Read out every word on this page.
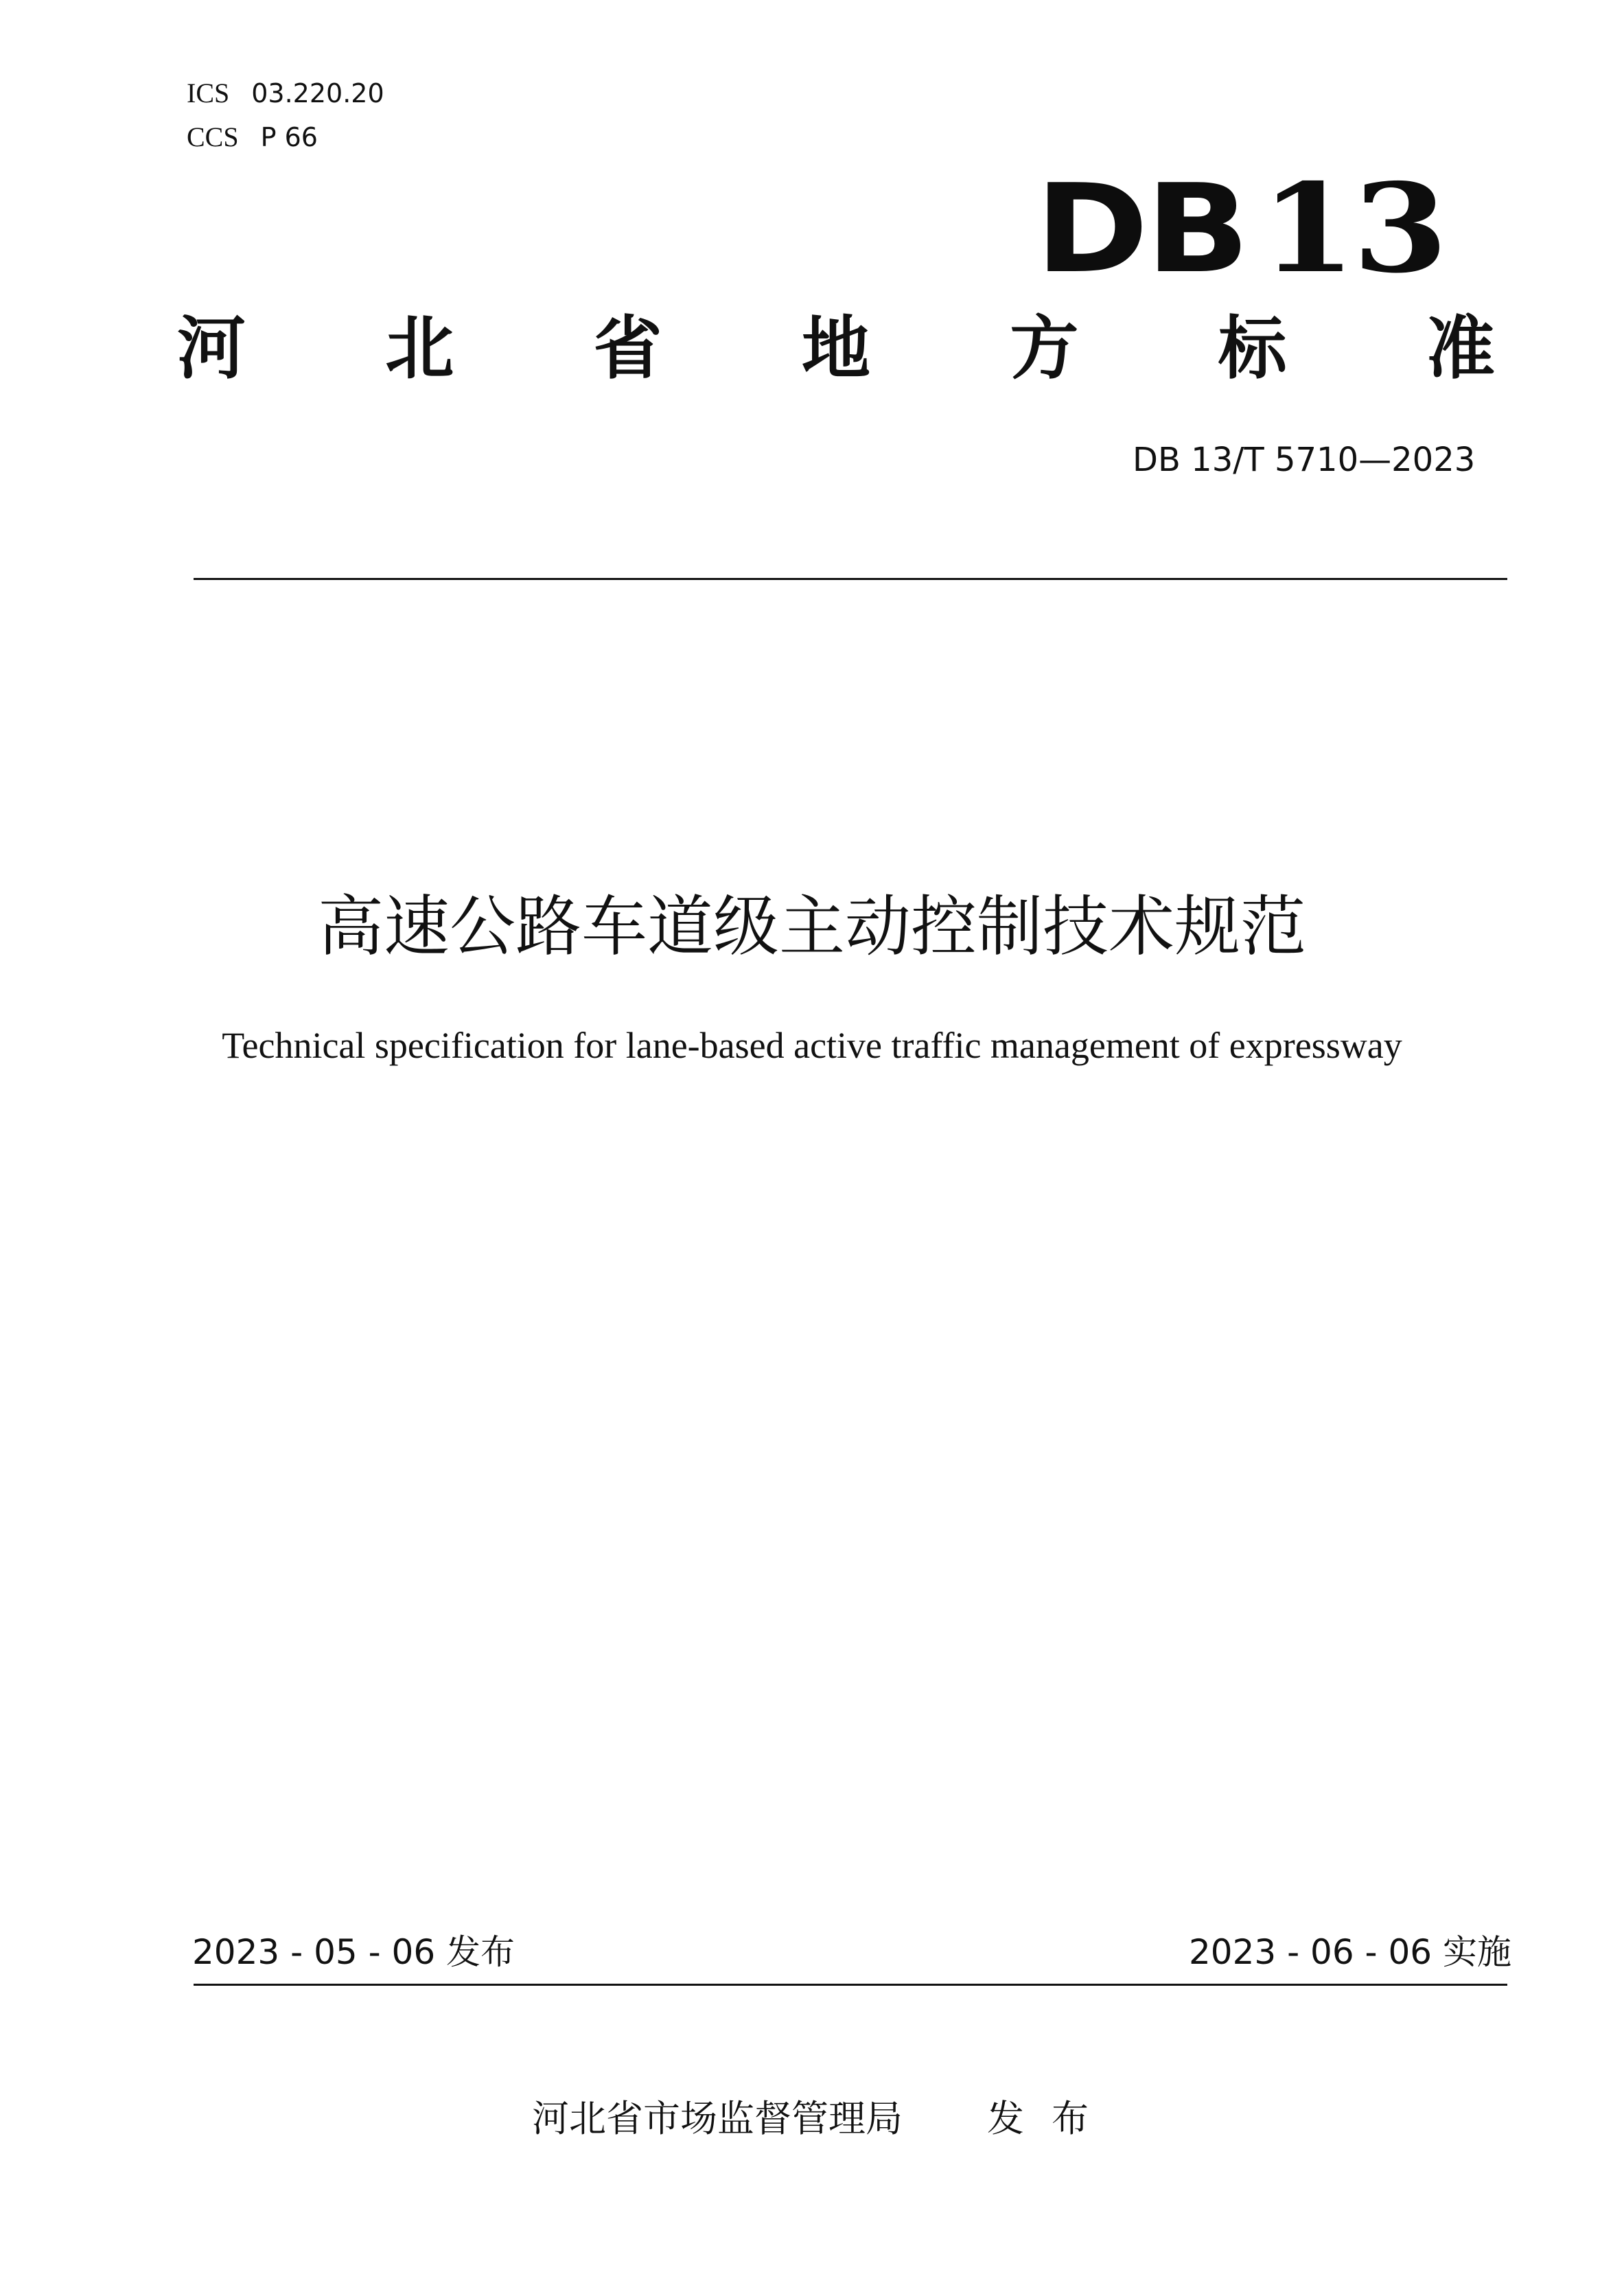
ICS 03.220.20
CCS P 66
DB 13
河 北 省 地 方 标 准
DB 13/T 5710—2023
高速公路车道级主动控制技术规范
Technical specification for lane-based active traffic management of expressway
2023 - 05 - 06 发布	2023 - 06 - 06 实施
河北省市场监督管理局 发布
